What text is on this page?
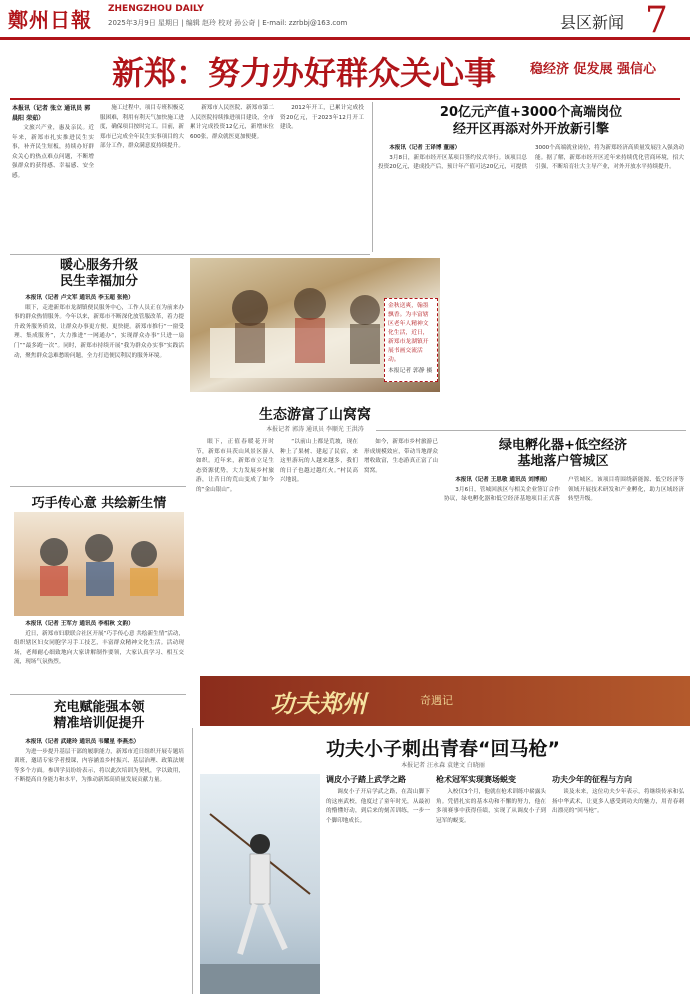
鄭州日報 ZHENGZHOU DAILY
2025年3月9日 星期日 | 编辑 赵玲 校对 孙公奇 | E-mail: zzrbbj@163.com	县区新闻 7
新郑：努力办好群众关心事	稳经济 促发展 强信心
本报讯（记者 张立 通讯员 郭晨阳 荣茹）

文旅兴产业，惠及亲民。近年来，新郑市扎实推进民生实事，补齐民生短板，持续办好群众关心的热点难点问题，不断增强群众的获得感、幸福感、安全感。

施工过程中，项目专班积极克服困难，利用有利天气加快施工进度，确保项目按时完工。目前，新郑市已完成全年民生实事项目的大部分工作，群众满意度持续提升。

新郑市人民医院、新郑市第二人民医院持续推进项目建设，全市累计完成投资12亿元，新增床位600张，群众就医更加便捷。

2012年开工，已累计完成投资20亿元，于2023年12月开工建设。

20亿元产值+3000个高端岗位
经开区再添对外开放新引擎

本报讯（记者 王译博 董丽）

3月8日，新郑市经开区某项目签约仪式举行。该项目总投资20亿元，建成投产后，预计年产值可达20亿元，可提供3000个高端就业岗位，将为新郑经济高质量发展注入强劲动能。据了解，新郑市经开区近年来持续优化营商环境，招大引强，不断培育壮大主导产业，对外开放水平持续提升。

暖心服务升级
民生幸福加分

本报讯（记者 卢文军 通讯员 李玉超 张艳）

眼下，走进新郑市龙湖镇便民服务中心，工作人员正在为前来办事的群众热情服务。今年以来，新郑市不断深化放管服改革，着力提升政务服务质效，让群众办事更方便、更快捷。新郑市推行“一窗受理、集成服务”，大力推进“一网通办”，实现群众办事“只进一扇门”“最多跑一次”。同时，新郑市持续开展“我为群众办实事”实践活动，聚焦群众急难愁盼问题，全力打造便民利民的服务环境。

金秋送爽，翰墨飘香。为丰富辖区老年人精神文化生活，近日，新郑市龙湖镇开展书画交流活动。
本报记者 郭静 摄
绿电孵化器+低空经济
基地落户管城区

本报讯（记者 王思敬 通讯员 刘博雨）

3月6日，管城回族区与相关企业签订合作协议，绿电孵化器和低空经济基地项目正式落户管城区。该项目将围绕新能源、低空经济等领域开展技术研发和产业孵化，助力区域经济转型升级。

生态游富了山窝窝
本报记者 郭涛 通讯员 李顺光 王洪涛

眼下，正值春暖花开时节，新郑市具茨山风景区游人如织。近年来，新郑市立足生态资源优势，大力发展乡村旅游，让昔日的荒山变成了如今的“金山银山”。

“以前山上都是荒坡，现在种上了果树、建起了民宿，来这里游玩的人越来越多，我们的日子也越过越红火。”村民高兴地说。

如今，新郑市乡村旅游已形成规模效应，带动当地群众增收致富，生态游真正富了山窝窝。

巧手传心意 共绘新生情

本报讯（记者 王军方 通讯员 李相秋 文韵）

近日，新郑市妇联联合社区开展“巧手传心意 共绘新生情”活动，组织辖区妇女同胞学习手工技艺，丰富群众精神文化生活。活动现场，老师耐心细致地向大家讲解制作要领，大家认真学习、相互交流，现场气氛热烈。

功夫郑州	奇遇记
充电赋能强本领
精准培训促提升

本报讯（记者 武建玲 通讯员 韦耀星 李燕杰）

为进一步提升基层干部的履职能力，新郑市近日组织开展专题培训班，邀请专家学者授课，内容涵盖乡村振兴、基层治理、政策法规等多个方面。参训学员纷纷表示，将以此次培训为契机，学以致用，不断提高自身能力和水平，为推动新郑高质量发展贡献力量。

功夫小子刺出青春“回马枪”
本报记者 汪永森 袁建文 白晓丽
调皮小子踏上武学之路

调皮小子开启学武之路，在嵩山脚下的这座武校，他度过了童年时光，从最初的懵懂好动，到后来的刻苦训练，一步一个脚印地成长。

枪术冠军实现赛场蜕变

入校仅3个月，他就在枪术训练中崭露头角。凭借扎实的基本功和不懈的努力，他在多项赛事中获得佳绩，实现了从调皮小子到冠军的蜕变。

功夫少年的征程与方向

谈及未来，这位功夫少年表示，将继续传承和弘扬中华武术，让更多人感受到功夫的魅力，用青春刺出漂亮的“回马枪”。
